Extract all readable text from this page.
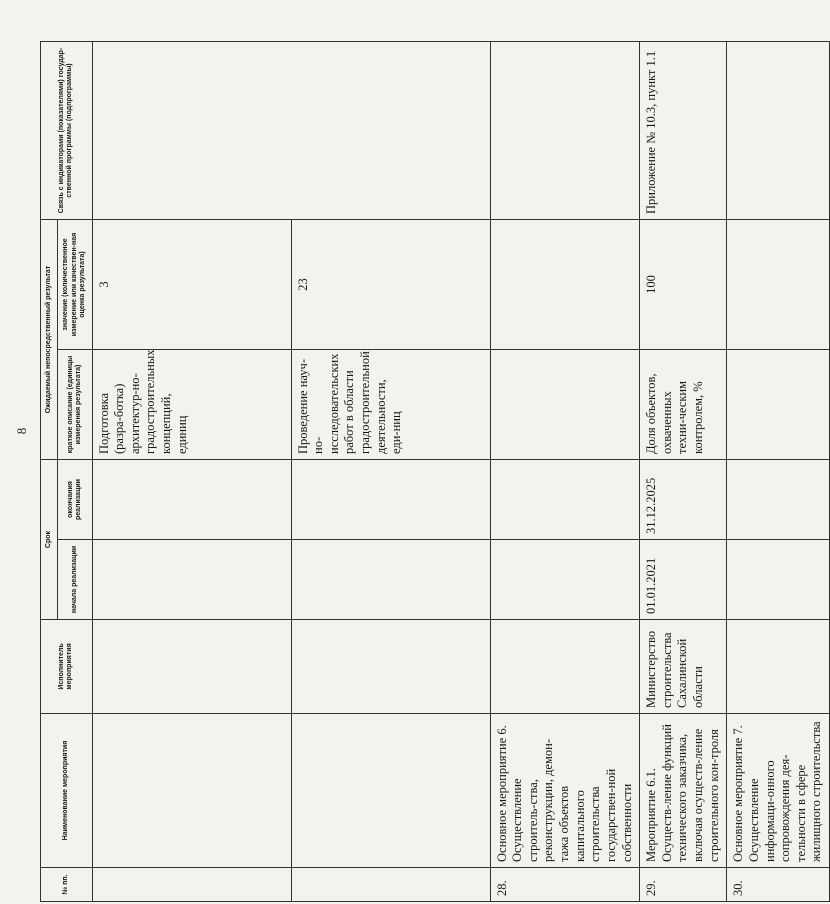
8
№ пп.	Наименование мероприятия	Исполнитель мероприятия	Срок		Ожидаемый непосредственный результат		Связь с индикаторами (показателями) государ-ственной программы (подпрограммы)
			начала реализации	окончания реализации	краткое описание (единицы измерения результата)	значение (количественное измерение или качествен-ная оценка результата)	
					Подготовка (разра-ботка) архитектур-но-градостроительных концепций, единиц	3	
					Проведение науч-но-исследовательских работ в области градостроительной деятельности, еди-ниц	23	
28.	Основное мероприятие 6. Осуществление строитель-ства, реконструкции, демон-тажа объектов капитального строительства государствен-ной собственности						
29.	Мероприятие 6.1. Осуществ-ление функций технического заказчика, включая осуществ-ление строительного кон-троля	Министерство строительства Сахалинской области	01.01.2021	31.12.2025	Доля объектов, охваченных техни-ческим контролем, %	100	Приложение № 10.3, пункт 1.1
30.	Основное мероприятие 7. Осуществление информаци-онного сопровождения дея-тельности в сфере жилищного строительства						
